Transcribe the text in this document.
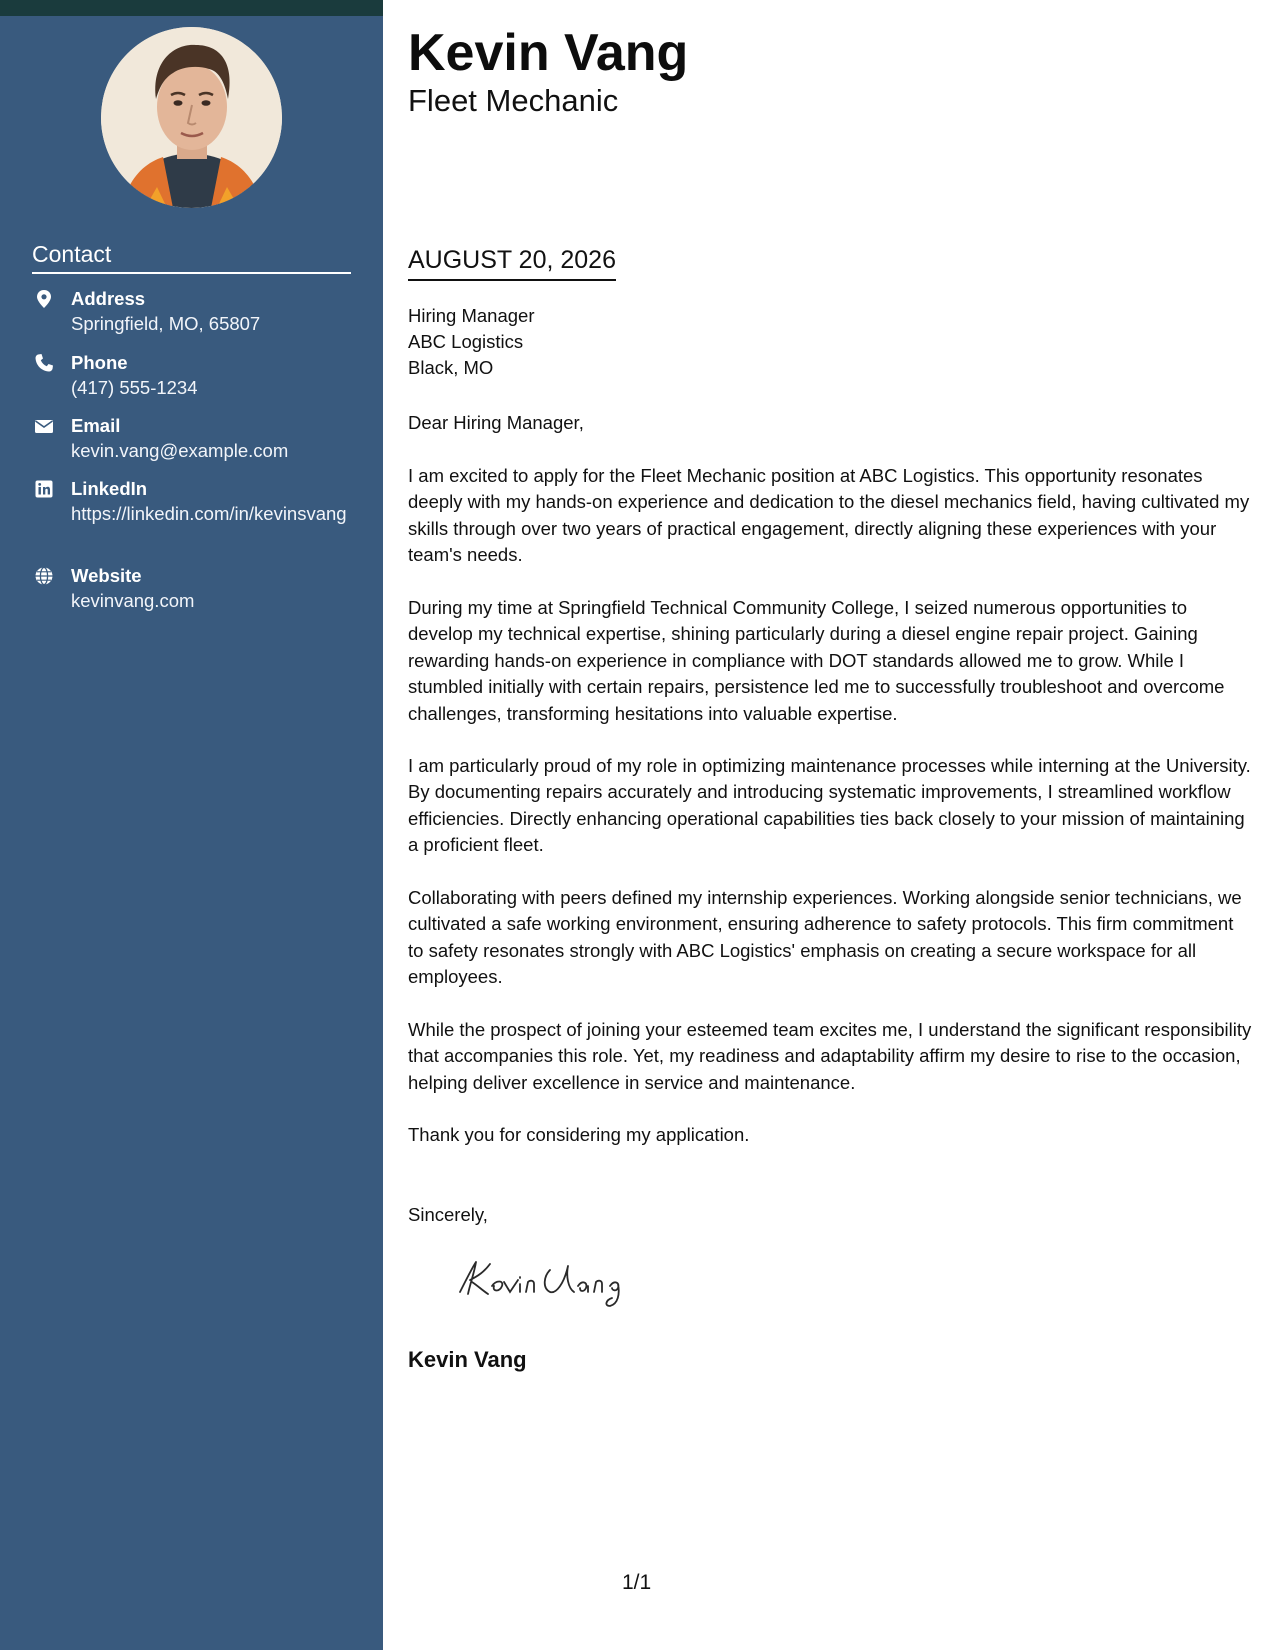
Contact
Address
Springfield, MO, 65807
Phone
(417) 555-1234
Email
kevin.vang@example.com
LinkedIn
https://linkedin.com/in/kevinsvang
Website
kevinvang.com
Kevin Vang
Fleet Mechanic
AUGUST 20, 2026
Hiring Manager
ABC Logistics
Black, MO
Dear Hiring Manager,
I am excited to apply for the Fleet Mechanic position at ABC Logistics. This opportunity resonates deeply with my hands-on experience and dedication to the diesel mechanics field, having cultivated my skills through over two years of practical engagement, directly aligning these experiences with your team's needs.
During my time at Springfield Technical Community College, I seized numerous opportunities to develop my technical expertise, shining particularly during a diesel engine repair project. Gaining rewarding hands-on experience in compliance with DOT standards allowed me to grow. While I stumbled initially with certain repairs, persistence led me to successfully troubleshoot and overcome challenges, transforming hesitations into valuable expertise.
I am particularly proud of my role in optimizing maintenance processes while interning at the University. By documenting repairs accurately and introducing systematic improvements, I streamlined workflow efficiencies. Directly enhancing operational capabilities ties back closely to your mission of maintaining a proficient fleet.
Collaborating with peers defined my internship experiences. Working alongside senior technicians, we cultivated a safe working environment, ensuring adherence to safety protocols. This firm commitment to safety resonates strongly with ABC Logistics' emphasis on creating a secure workspace for all employees.
While the prospect of joining your esteemed team excites me, I understand the significant responsibility that accompanies this role. Yet, my readiness and adaptability affirm my desire to rise to the occasion, helping deliver excellence in service and maintenance.
Thank you for considering my application.
Sincerely,
Kevin Vang
1/1
